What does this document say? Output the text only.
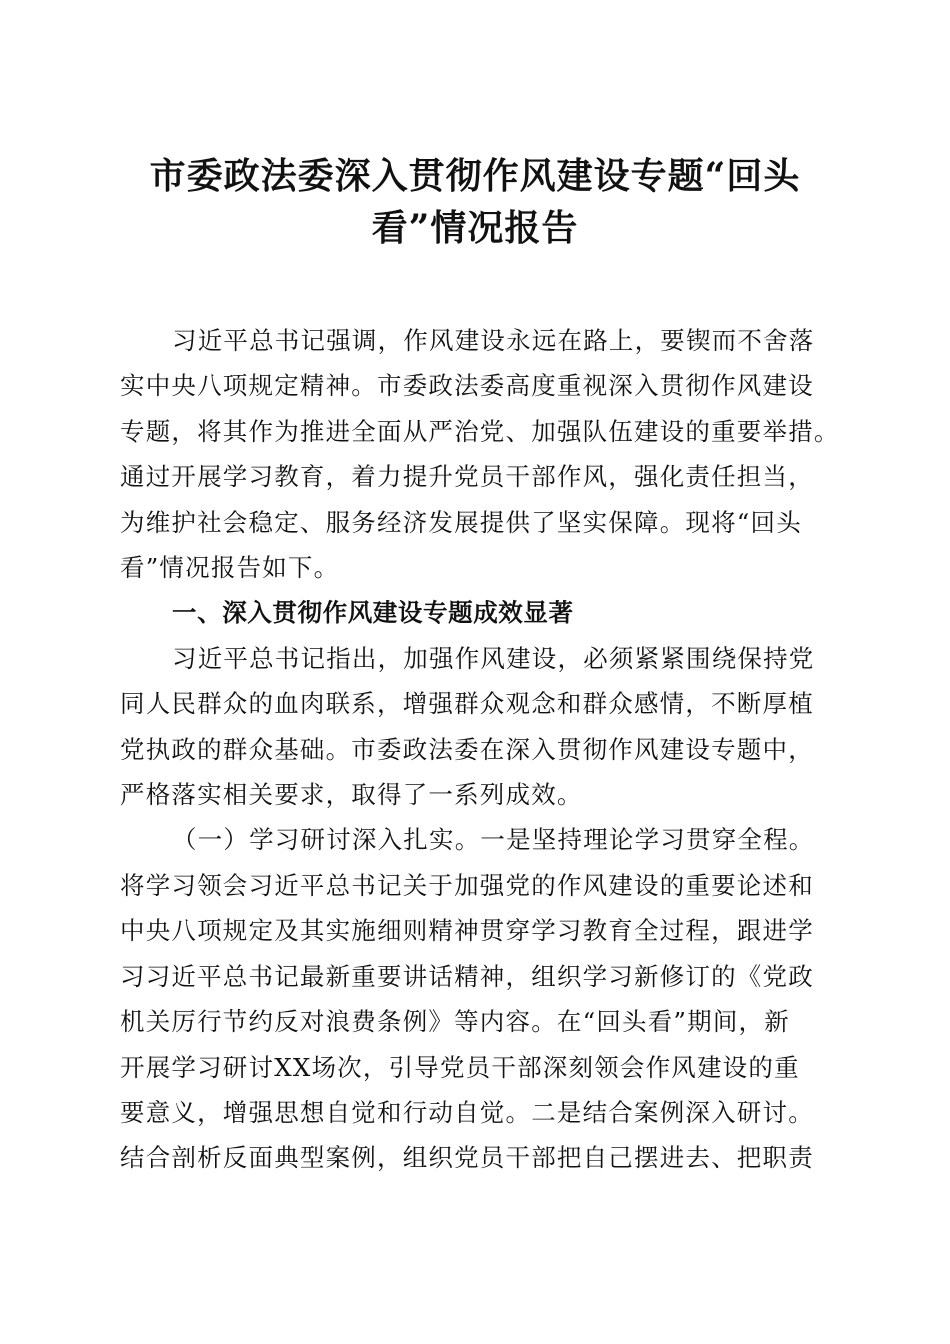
市委政法委深入贯彻作风建设专题“回头
看”情况报告

习近平总书记强调，作风建设永远在路上，要锲而不舍落
实中央八项规定精神。市委政法委高度重视深入贯彻作风建设
专题，将其作为推进全面从严治党、加强队伍建设的重要举措。
通过开展学习教育，着力提升党员干部作风，强化责任担当，
为维护社会稳定、服务经济发展提供了坚实保障。现将“回头
看”情况报告如下。

一、深入贯彻作风建设专题成效显著

习近平总书记指出，加强作风建设，必须紧紧围绕保持党
同人民群众的血肉联系，增强群众观念和群众感情，不断厚植
党执政的群众基础。市委政法委在深入贯彻作风建设专题中，
严格落实相关要求，取得了一系列成效。

（一）学习研讨深入扎实。一是坚持理论学习贯穿全程。
将学习领会习近平总书记关于加强党的作风建设的重要论述和
中央八项规定及其实施细则精神贯穿学习教育全过程，跟进学
习习近平总书记最新重要讲话精神，组织学习新修订的《党政
机关厉行节约反对浪费条例》等内容。在“回头看”期间，新
开展学习研讨XX场次，引导党员干部深刻领会作风建设的重
要意义，增强思想自觉和行动自觉。二是结合案例深入研讨。
结合剖析反面典型案例，组织党员干部把自己摆进去、把职责
